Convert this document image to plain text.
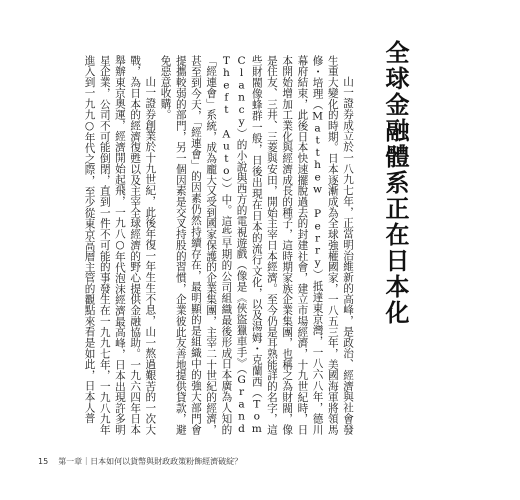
全球金融體系正在日本化

山一證券成立於一八九七年，正當明治維新的高峰，是政治、經濟與社會發生重大變化的時期。日本逐漸成為全球強權國家，一八五三年，美國海軍將領馬修・培理（Matthew Perry）抵達東京灣，一八六八年，德川幕府結束，此後日本快速擺脫過去的封建社會，建立市場經濟，十九世紀時，日本開始增加工業化與經濟成長的種子，這時期家族企業集團，也稱之為財閥，像是住友、三井、三菱與安田，開始主宰日本經濟。至今仍是耳熟能詳的名字，這些財閥像蜂群一般，日後出現在日本的流行文化，以及湯姆・克蘭西（Tom Clancy）的小說與西方的電視遊戲（像是《俠盜獵車手》（Grand Theft Auto））中。這些早期的公司組織最後形成日本廣為人知的「經連會」系統，成為龐大又受到國家保護的企業集團，主宰二十世紀的經濟，甚至到今天，「經連會」的因素仍然持續存在，最明顯的是組織中的強大部門會提攜較弱的部門，另一個因素是交叉持股的習慣，企業彼此友善地提供貸款，避免惡意收購。

山一證券創業於十九世紀，此後年復一年生生不息，山一熬過艱苦的一次大戰，為日本的經濟復甦以及主宰全球經濟的野心提供金融協助。一九六四年日本舉辦東京奧運，經濟開始起飛，一九八○年代泡沫經濟最高峰，日本出現許多明星企業，公司不可能倒閉，直到一件不可能的事發生在一九九七年，一九八九年進入到一九九○年代之際，至少從東京高層主管的觀點來看是如此，日本人普

15 第一章｜日本如何以貨幣與財政政策粉飾經濟破綻？
